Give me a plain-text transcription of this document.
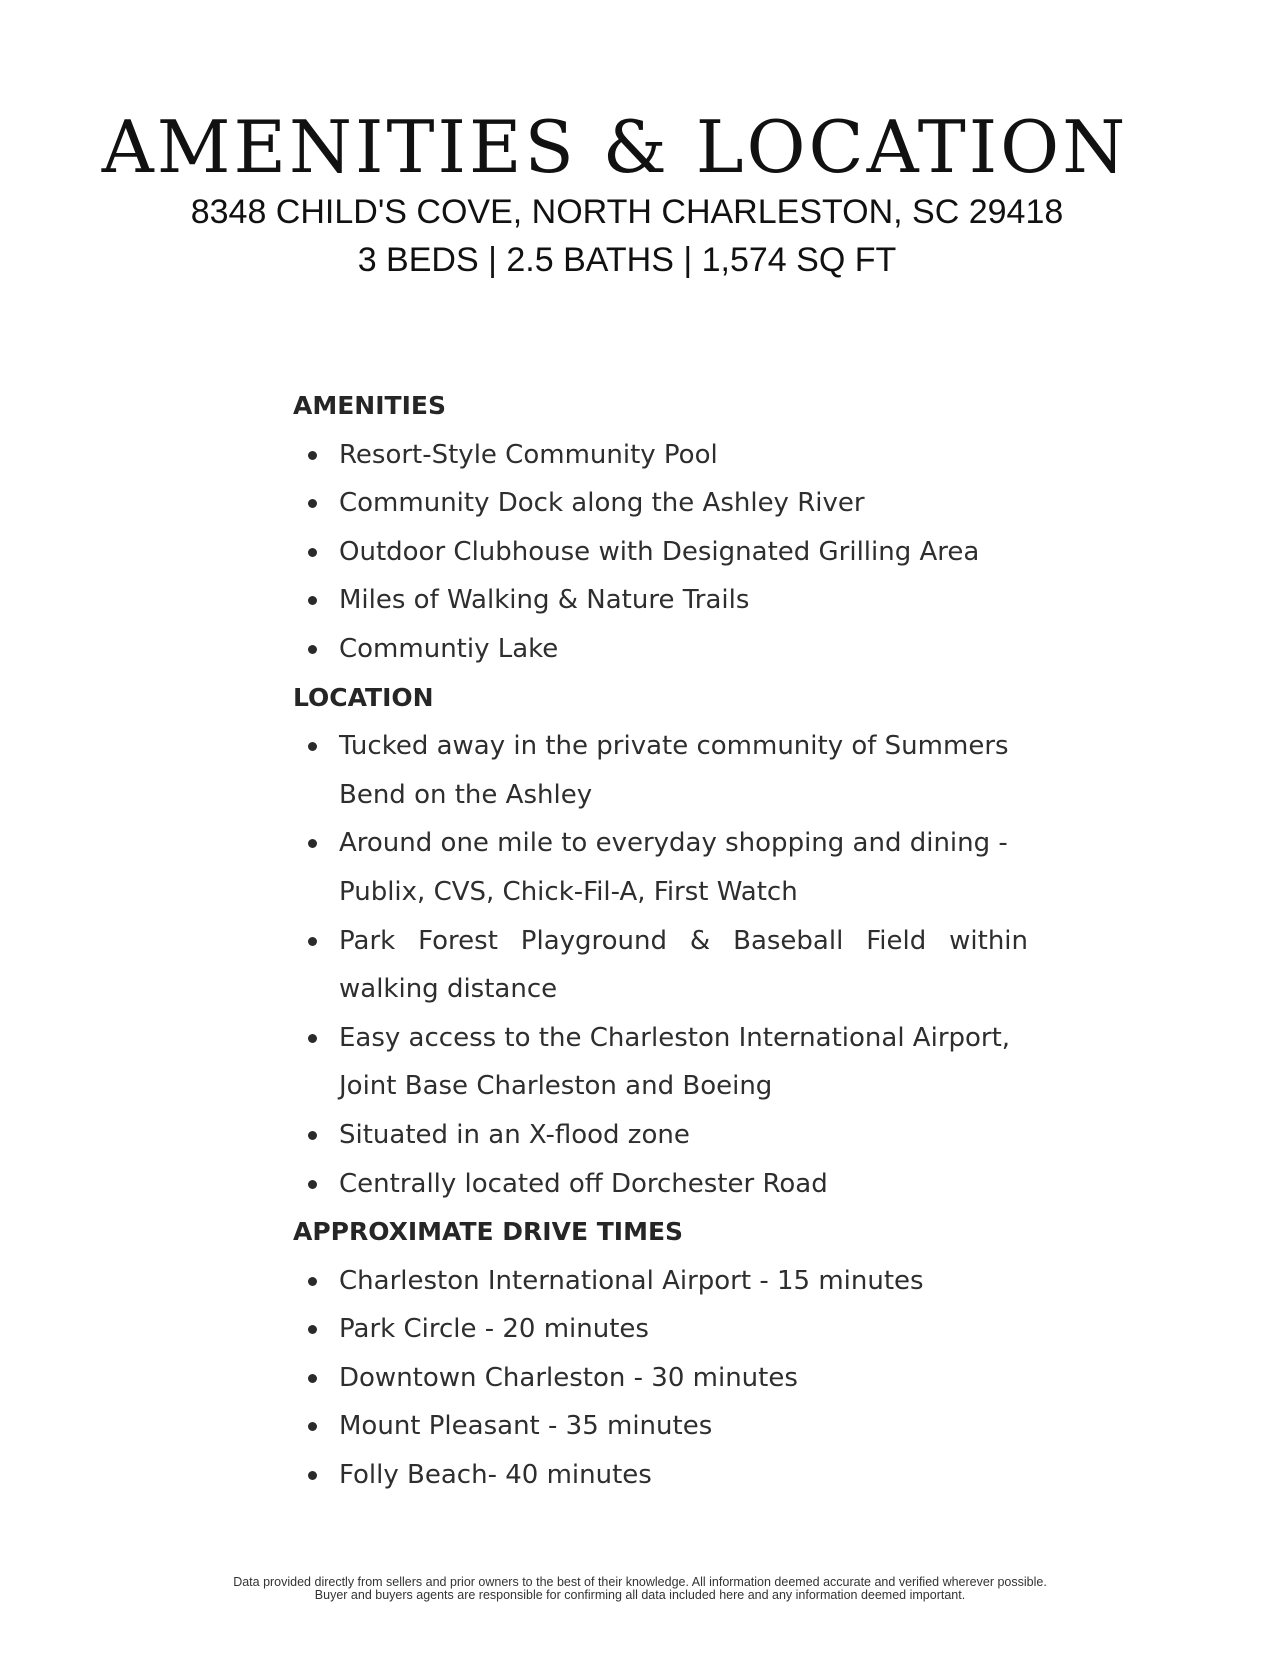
AMENITIES & LOCATION
8348 CHILD'S COVE, NORTH CHARLESTON, SC 29418
3 BEDS | 2.5 BATHS | 1,574 SQ FT
AMENITIES
Resort-Style Community Pool
Community Dock along the Ashley River
Outdoor Clubhouse with Designated Grilling Area
Miles of Walking & Nature Trails
Communtiy Lake
LOCATION
Tucked away in the private community of Summers Bend on the Ashley
Around one mile to everyday shopping and dining - Publix, CVS, Chick-Fil-A, First Watch
Park Forest Playground & Baseball Field within walking distance
Easy access to the Charleston International Airport, Joint Base Charleston and Boeing
Situated in an X-flood zone
Centrally located off Dorchester Road
APPROXIMATE DRIVE TIMES
Charleston International Airport - 15 minutes
Park Circle - 20 minutes
Downtown Charleston - 30 minutes
Mount Pleasant - 35 minutes
Folly Beach- 40 minutes
Data provided directly from sellers and prior owners to the best of their knowledge. All information deemed accurate and verified wherever possible.
Buyer and buyers agents are responsible for confirming all data included here and any information deemed important.
